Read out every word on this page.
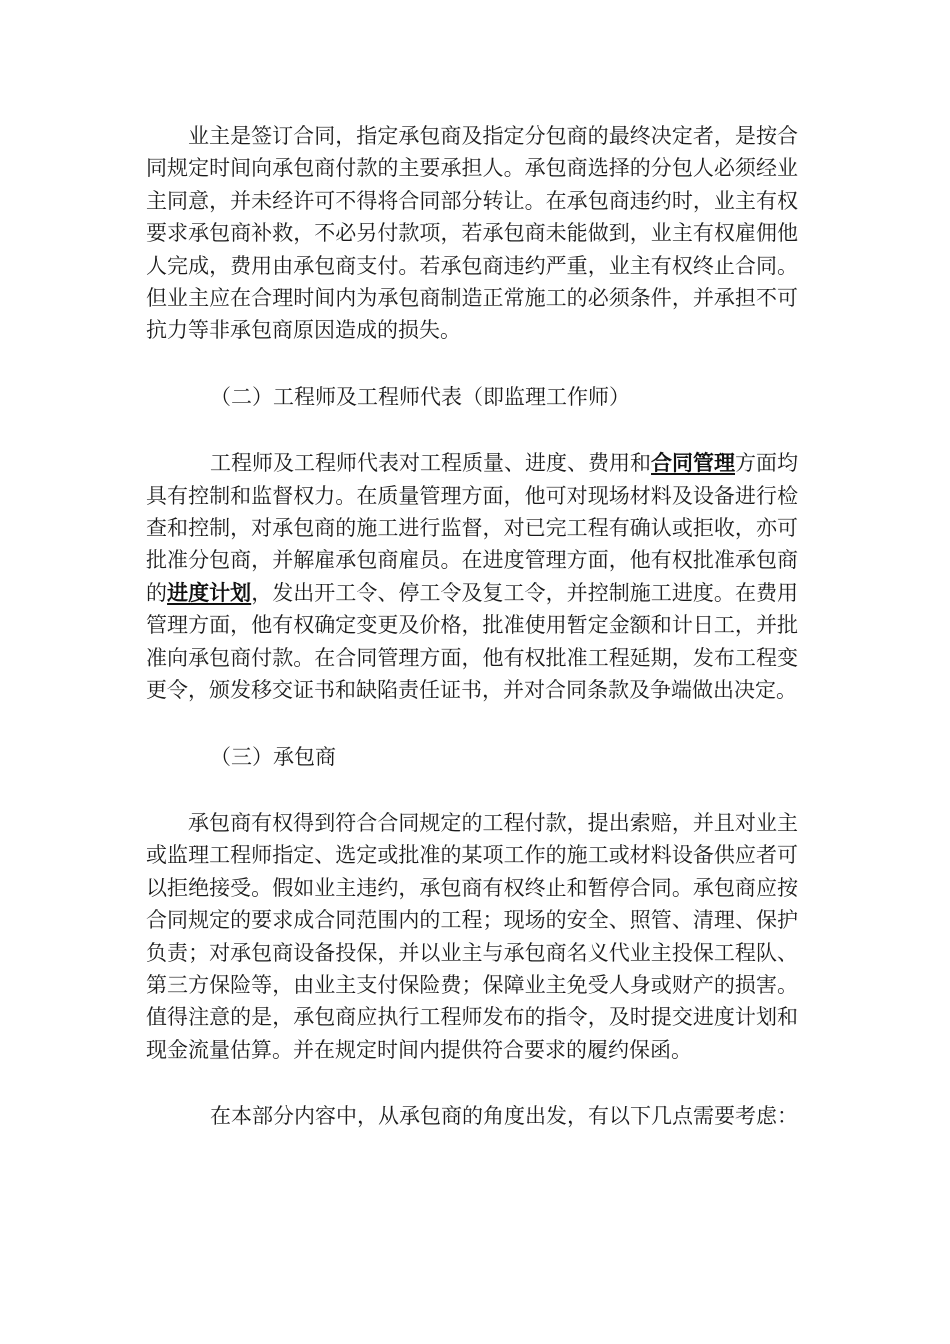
业主是签订合同，指定承包商及指定分包商的最终决定者，是按合同规定时间向承包商付款的主要承担人。承包商选择的分包人必须经业主同意，并未经许可不得将合同部分转让。在承包商违约时，业主有权要求承包商补救，不必另付款项，若承包商未能做到，业主有权雇佣他人完成，费用由承包商支付。若承包商违约严重，业主有权终止合同。但业主应在合理时间内为承包商制造正常施工的必须条件，并承担不可抗力等非承包商原因造成的损失。

（二）工程师及工程师代表（即监理工作师）

工程师及工程师代表对工程质量、进度、费用和合同管理方面均具有控制和监督权力。在质量管理方面，他可对现场材料及设备进行检查和控制，对承包商的施工进行监督，对已完工程有确认或拒收，亦可批准分包商，并解雇承包商雇员。在进度管理方面，他有权批准承包商的进度计划，发出开工令、停工令及复工令，并控制施工进度。在费用管理方面，他有权确定变更及价格，批准使用暂定金额和计日工，并批准向承包商付款。在合同管理方面，他有权批准工程延期，发布工程变更令，颁发移交证书和缺陷责任证书，并对合同条款及争端做出决定。

（三）承包商

承包商有权得到符合合同规定的工程付款，提出索赔，并且对业主或监理工程师指定、选定或批准的某项工作的施工或材料设备供应者可以拒绝接受。假如业主违约，承包商有权终止和暂停合同。承包商应按合同规定的要求成合同范围内的工程；现场的安全、照管、清理、保护负责；对承包商设备投保，并以业主与承包商名义代业主投保工程队、第三方保险等，由业主支付保险费；保障业主免受人身或财产的损害。值得注意的是，承包商应执行工程师发布的指令，及时提交进度计划和现金流量估算。并在规定时间内提供符合要求的履约保函。

在本部分内容中，从承包商的角度出发，有以下几点需要考虑：
